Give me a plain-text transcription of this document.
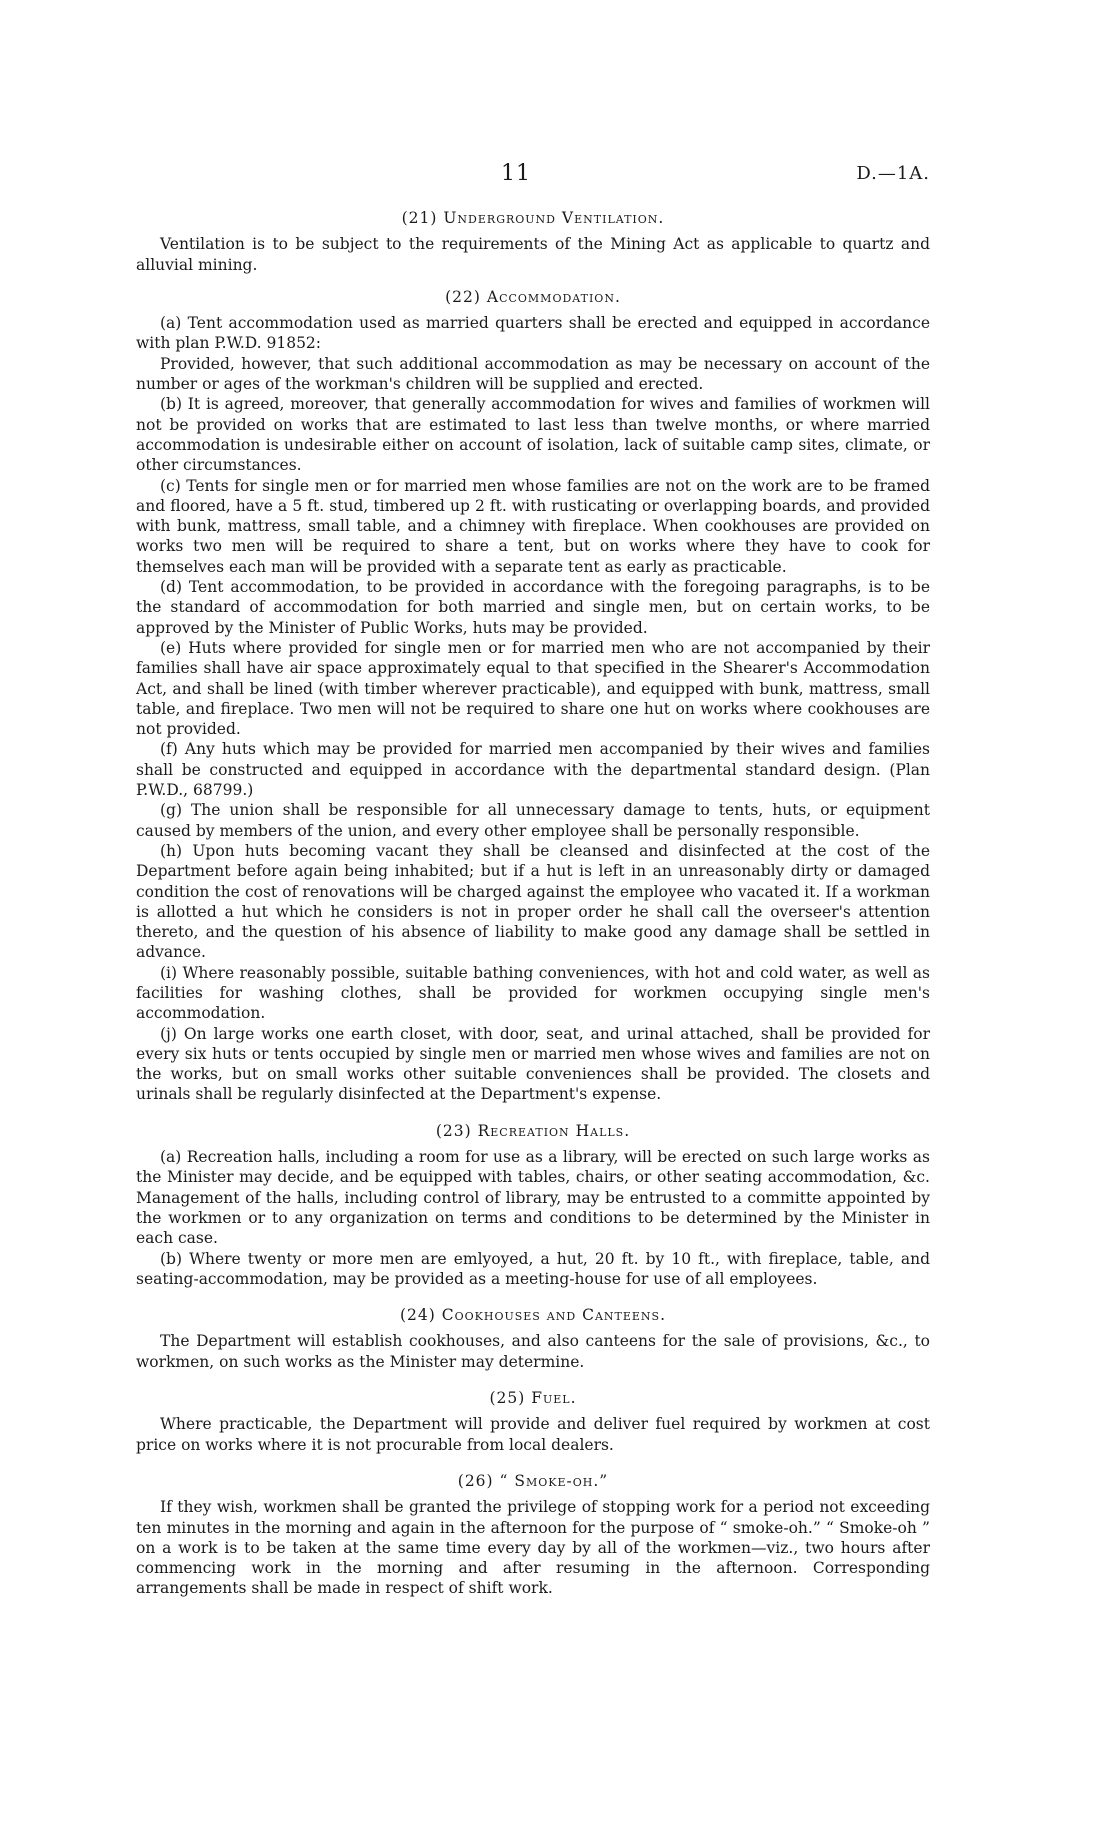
11	D.—1A.
(21) Underground Ventilation.

Ventilation is to be subject to the requirements of the Mining Act as applicable to quartz and alluvial mining.

(22) Accommodation.

(a) Tent accommodation used as married quarters shall be erected and equipped in accordance with plan P.W.D. 91852:

Provided, however, that such additional accommodation as may be necessary on account of the number or ages of the workman's children will be supplied and erected.

(b) It is agreed, moreover, that generally accommodation for wives and families of workmen will not be provided on works that are estimated to last less than twelve months, or where married accommodation is undesirable either on account of isolation, lack of suitable camp sites, climate, or other circumstances.

(c) Tents for single men or for married men whose families are not on the work are to be framed and floored, have a 5 ft. stud, timbered up 2 ft. with rusticating or overlapping boards, and provided with bunk, mattress, small table, and a chimney with fireplace. When cookhouses are provided on works two men will be required to share a tent, but on works where they have to cook for themselves each man will be provided with a separate tent as early as practicable.

(d) Tent accommodation, to be provided in accordance with the foregoing paragraphs, is to be the standard of accommodation for both married and single men, but on certain works, to be approved by the Minister of Public Works, huts may be provided.

(e) Huts where provided for single men or for married men who are not accompanied by their families shall have air space approximately equal to that specified in the Shearer's Accommodation Act, and shall be lined (with timber wherever practicable), and equipped with bunk, mattress, small table, and fireplace. Two men will not be required to share one hut on works where cookhouses are not provided.

(f) Any huts which may be provided for married men accompanied by their wives and families shall be constructed and equipped in accordance with the departmental standard design. (Plan P.W.D., 68799.)

(g) The union shall be responsible for all unnecessary damage to tents, huts, or equipment caused by members of the union, and every other employee shall be personally responsible.

(h) Upon huts becoming vacant they shall be cleansed and disinfected at the cost of the Department before again being inhabited; but if a hut is left in an unreasonably dirty or damaged condition the cost of renovations will be charged against the employee who vacated it. If a workman is allotted a hut which he considers is not in proper order he shall call the overseer's attention thereto, and the question of his absence of liability to make good any damage shall be settled in advance.

(i) Where reasonably possible, suitable bathing conveniences, with hot and cold water, as well as facilities for washing clothes, shall be provided for workmen occupying single men's accommodation.

(j) On large works one earth closet, with door, seat, and urinal attached, shall be provided for every six huts or tents occupied by single men or married men whose wives and families are not on the works, but on small works other suitable conveniences shall be provided. The closets and urinals shall be regularly disinfected at the Department's expense.

(23) Recreation Halls.

(a) Recreation halls, including a room for use as a library, will be erected on such large works as the Minister may decide, and be equipped with tables, chairs, or other seating accommodation, &c. Management of the halls, including control of library, may be entrusted to a committe appointed by the workmen or to any organization on terms and conditions to be determined by the Minister in each case.

(b) Where twenty or more men are emlyoyed, a hut, 20 ft. by 10 ft., with fireplace, table, and seating-accommodation, may be provided as a meeting-house for use of all employees.

(24) Cookhouses and Canteens.

The Department will establish cookhouses, and also canteens for the sale of provisions, &c., to workmen, on such works as the Minister may determine.

(25) Fuel.

Where practicable, the Department will provide and deliver fuel required by workmen at cost price on works where it is not procurable from local dealers.

(26) “ Smoke-oh.”

If they wish, workmen shall be granted the privilege of stopping work for a period not exceeding ten minutes in the morning and again in the afternoon for the purpose of “ smoke-oh.” “ Smoke-oh ” on a work is to be taken at the same time every day by all of the workmen—viz., two hours after commencing work in the morning and after resuming in the afternoon. Corresponding arrangements shall be made in respect of shift work.
